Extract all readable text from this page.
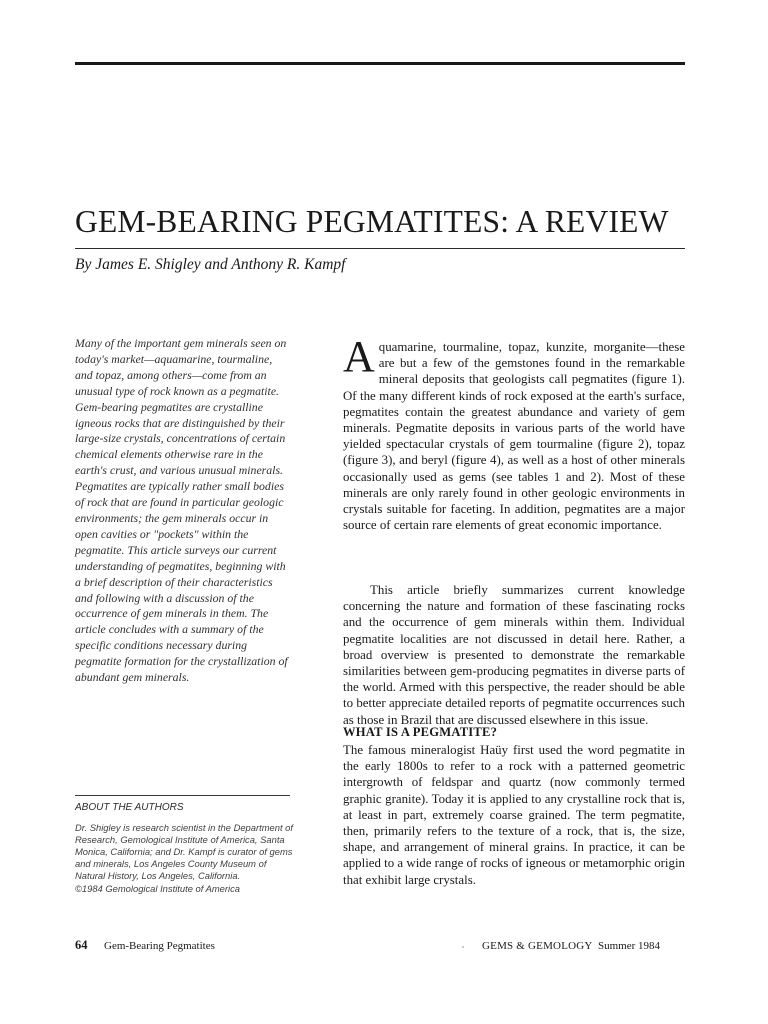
GEM-BEARING PEGMATITES: A REVIEW

By James E. Shigley and Anthony R. Kampf

Many of the important gem minerals seen on today's market—aquamarine, tourmaline, and topaz, among others—come from an unusual type of rock known as a pegmatite. Gem-bearing pegmatites are crystalline igneous rocks that are distinguished by their large-size crystals, concentrations of certain chemical elements otherwise rare in the earth's crust, and various unusual minerals. Pegmatites are typically rather small bodies of rock that are found in particular geologic environments; the gem minerals occur in open cavities or "pockets" within the pegmatite. This article surveys our current understanding of pegmatites, beginning with a brief description of their characteristics and following with a discussion of the occurrence of gem minerals in them. The article concludes with a summary of the specific conditions necessary during pegmatite formation for the crystallization of abundant gem minerals.

ABOUT THE AUTHORS

Dr. Shigley is research scientist in the Department of Research, Gemological Institute of America, Santa Monica, California; and Dr. Kampf is curator of gems and minerals, Los Angeles County Museum of Natural History, Los Angeles, California.

©1984 Gemological Institute of America

Aquamarine, tourmaline, topaz, kunzite, morganite—these are but a few of the gemstones found in the remarkable mineral deposits that geologists call pegmatites (figure 1). Of the many different kinds of rock exposed at the earth's surface, pegmatites contain the greatest abundance and variety of gem minerals. Pegmatite deposits in various parts of the world have yielded spectacular crystals of gem tourmaline (figure 2), topaz (figure 3), and beryl (figure 4), as well as a host of other minerals occasionally used as gems (see tables 1 and 2). Most of these minerals are only rarely found in other geologic environments in crystals suitable for faceting. In addition, pegmatites are a major source of certain rare elements of great economic importance.

This article briefly summarizes current knowledge concerning the nature and formation of these fascinating rocks and the occurrence of gem minerals within them. Individual pegmatite localities are not discussed in detail here. Rather, a broad overview is presented to demonstrate the remarkable similarities between gem-producing pegmatites in diverse parts of the world. Armed with this perspective, the reader should be able to better appreciate detailed reports of pegmatite occurrences such as those in Brazil that are discussed elsewhere in this issue.

WHAT IS A PEGMATITE?

The famous mineralogist Haüy first used the word pegmatite in the early 1800s to refer to a rock with a patterned geometric intergrowth of feldspar and quartz (now commonly termed graphic granite). Today it is applied to any crystalline rock that is, at least in part, extremely coarse grained. The term pegmatite, then, primarily refers to the texture of a rock, that is, the size, shape, and arrangement of mineral grains. In practice, it can be applied to a wide range of rocks of igneous or metamorphic origin that exhibit large crystals.

64 Gem-Bearing Pegmatites	GEMS & GEMOLOGY Summer 1984
